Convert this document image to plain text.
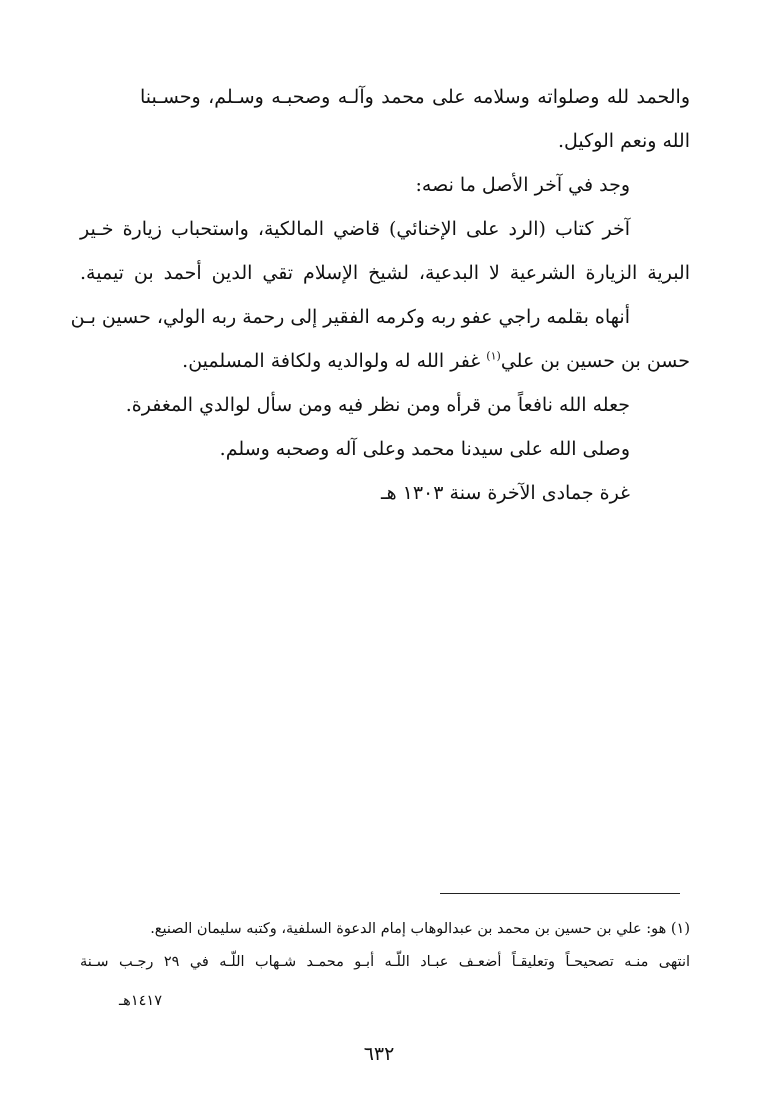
والحمد لله وصلواته وسلامه على محمد وآلـه وصحبـه وسـلم، وحسـبنا
الله ونعم الوكيل.
وجد في آخر الأصل ما نصه:
آخر كتاب (الرد على الإخنائي) قاضي المالكية، واستحباب زيارة خـير
البرية الزيارة الشرعية لا البدعية، لشيخ الإسلام تقي الدين أحمد بن تيمية.
أنهاه بقلمه راجي عفو ربه وكرمه الفقير إلى رحمة ربه الولي، حسين بـن
حسن بن حسين بن علي$^{(١)}$ غفر الله له ولوالديه ولكافة المسلمين.
جعله الله نافعاً من قرأه ومن نظر فيه ومن سأل لوالدي المغفرة.
وصلى الله على سيدنا محمد وعلى آله وصحبه وسلم.
غرة جمادى الآخرة سنة ١٣٠٣ هـ
(١) هو: علي بن حسين بن محمد بن عبدالوهاب إمام الدعوة السلفية، وكتبه سليمان الصنيع.
انتهى منـه تصحيحـاً وتعليقـاً أضعـف عبـاد اللّـه أبـو محمـد شـهاب اللّـه في ٢٩ رجـب سـنة
١٤١٧هـ
٦٣٢
